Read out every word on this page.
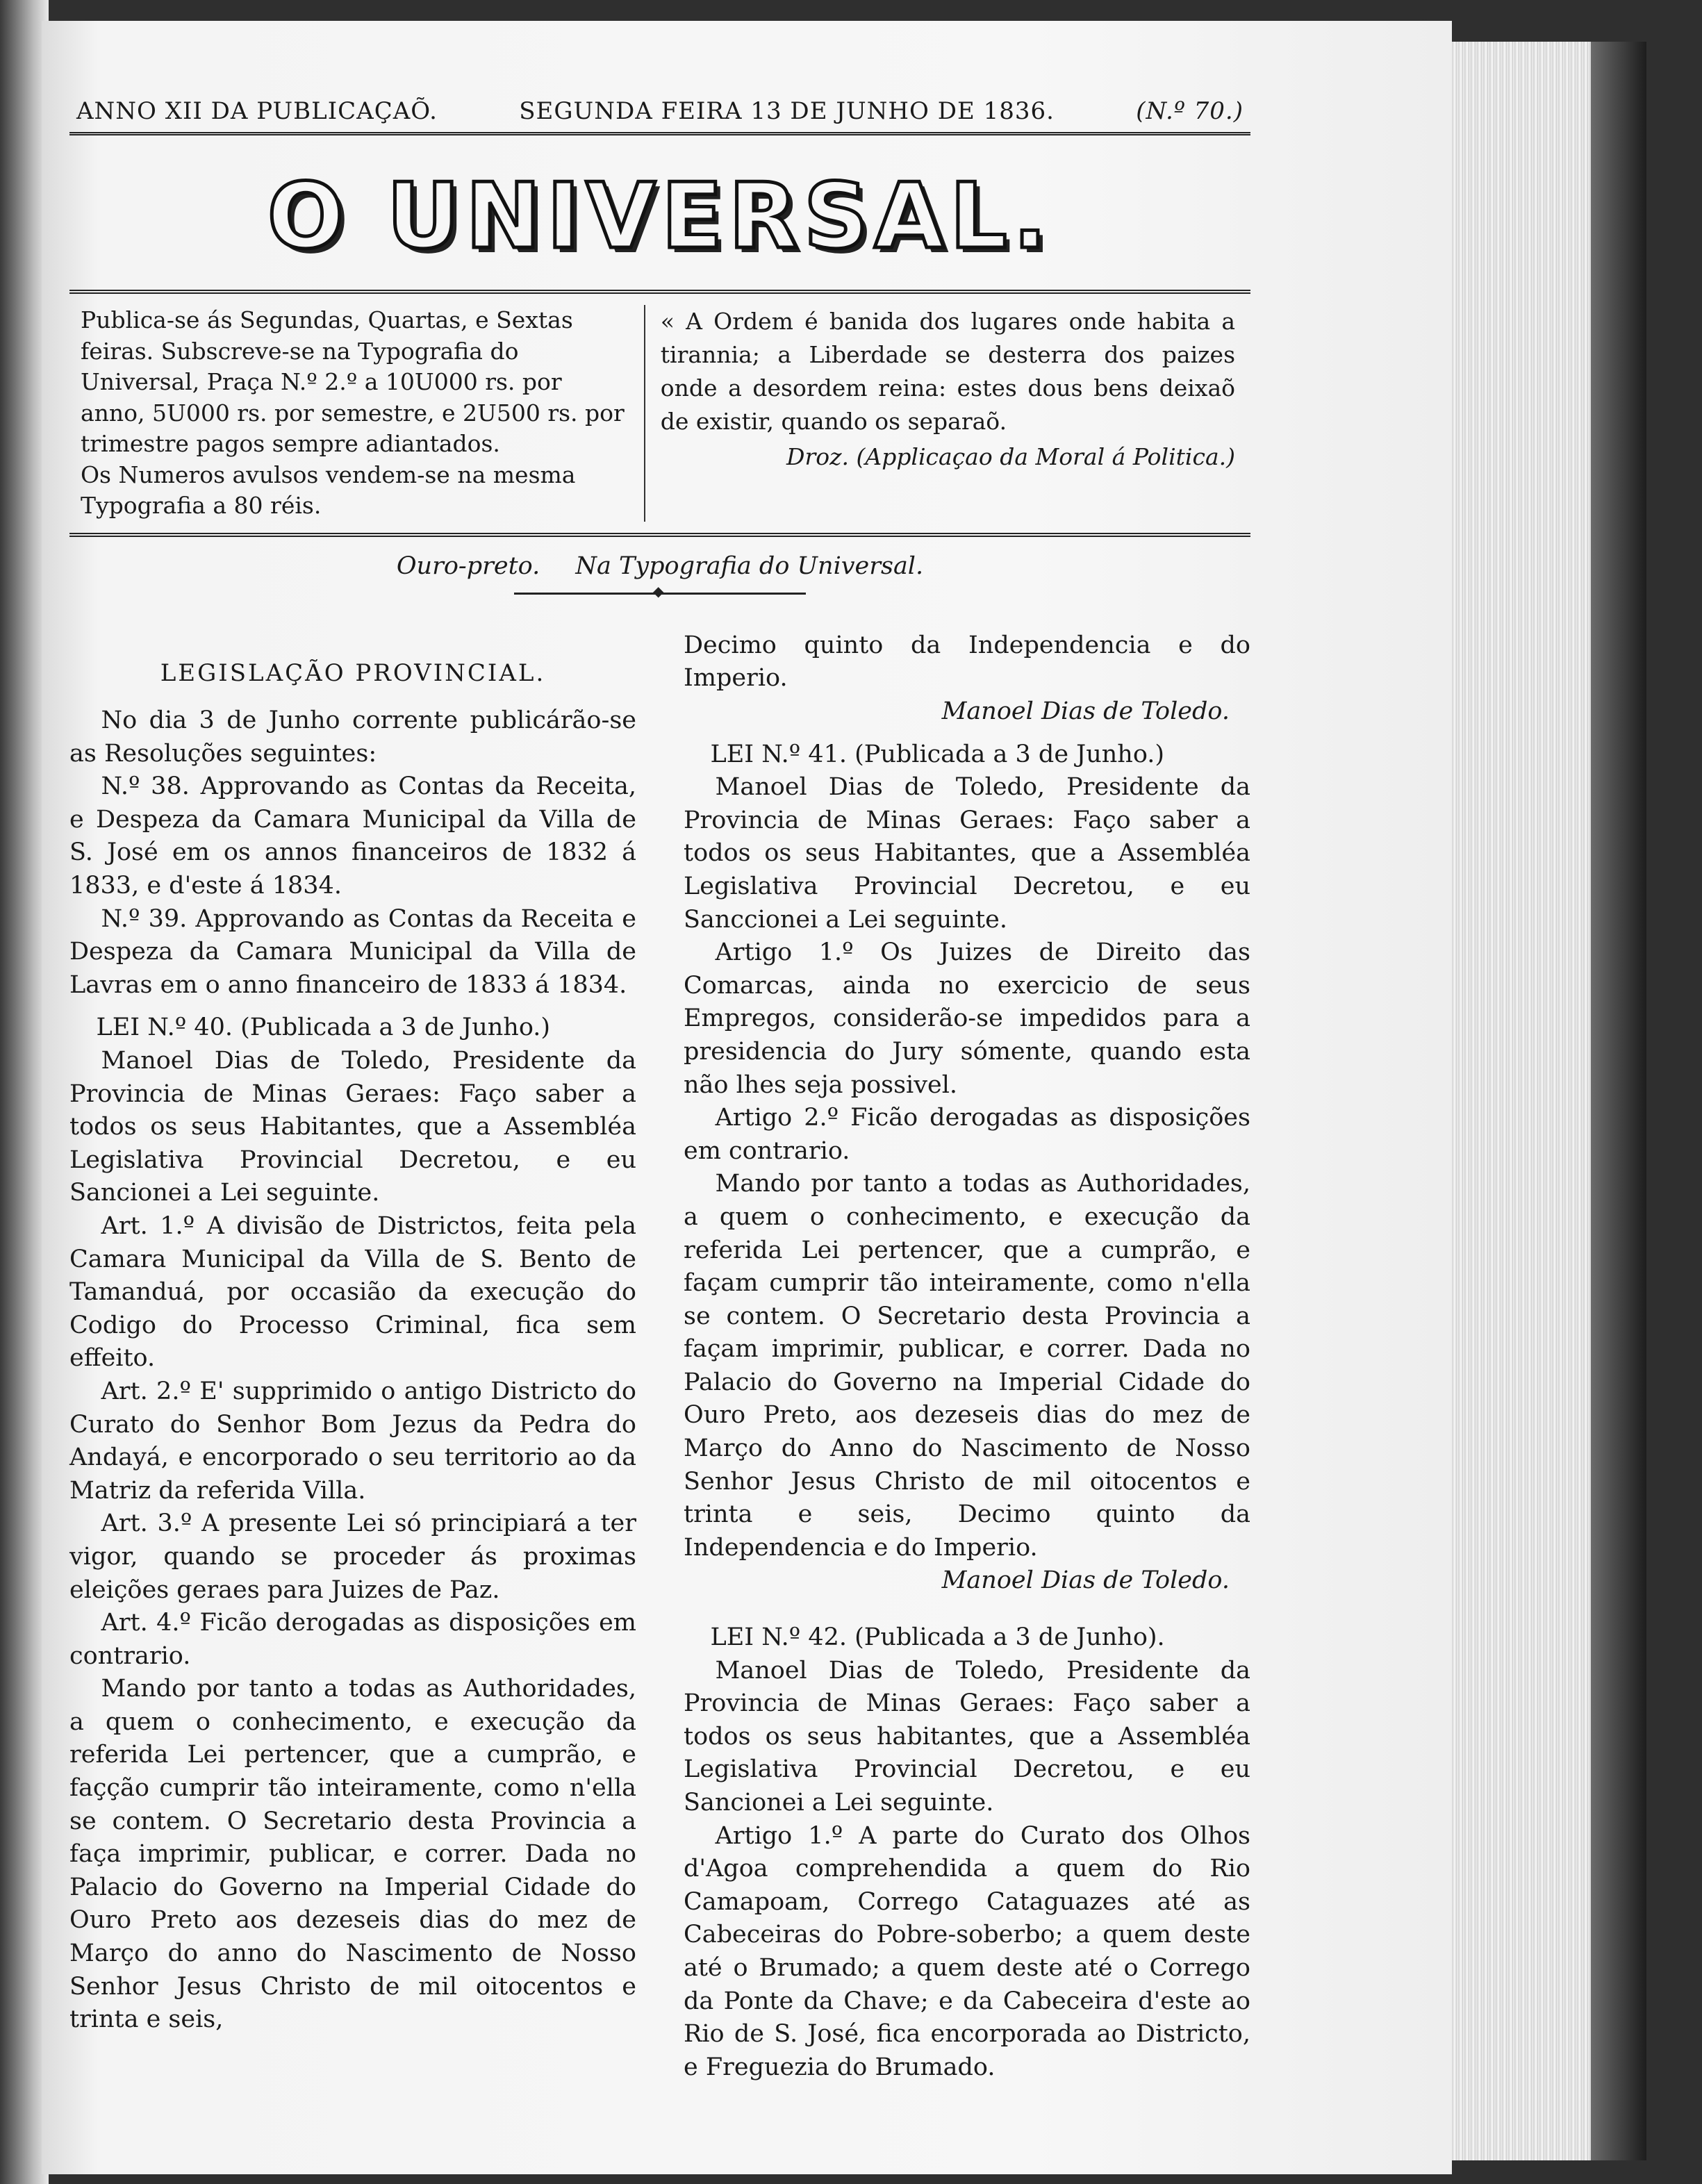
ANNO XII DA PUBLICAÇAÕ.	SEGUNDA FEIRA 13 DE JUNHO DE 1836.	(N.º 70.)
O UNIVERSAL.

Publica-se ás Segundas, Quartas, e Sextas feiras. Subscreve-se na Typografia do Universal, Praça N.º 2.º a 10U000 rs. por anno, 5U000 rs. por semestre, e 2U500 rs. por trimestre pagos sempre adiantados.

Os Numeros avulsos vendem-se na mesma Typografia a 80 réis.

« A Ordem é banida dos lugares onde habita a tirannia; a Liberdade se desterra dos paizes onde a desordem reina: estes dous bens deixaõ de existir, quando os separaõ.

Droz. (Applicaçao da Moral á Politica.)

Ouro-preto. Na Typografia do Universal.
◆
LEGISLAÇÃO PROVINCIAL.

No dia 3 de Junho corrente publicárão-se as Resoluções seguintes:

N.º 38. Approvando as Contas da Receita, e Despeza da Camara Municipal da Villa de S. José em os annos financeiros de 1832 á 1833, e d'este á 1834.

N.º 39. Approvando as Contas da Receita e Despeza da Camara Municipal da Villa de Lavras em o anno financeiro de 1833 á 1834.

LEI N.º 40. (Publicada a 3 de Junho.)

Manoel Dias de Toledo, Presidente da Provincia de Minas Geraes: Faço saber a todos os seus Habitantes, que a Assembléa Legislativa Provincial Decretou, e eu Sancionei a Lei seguinte.

Art. 1.º A divisão de Districtos, feita pela Camara Municipal da Villa de S. Bento de Tamanduá, por occasião da execução do Codigo do Processo Criminal, fica sem effeito.

Art. 2.º E' supprimido o antigo Districto do Curato do Senhor Bom Jezus da Pedra do Andayá, e encorporado o seu territorio ao da Matriz da referida Villa.

Art. 3.º A presente Lei só principiará a ter vigor, quando se proceder ás proximas eleições geraes para Juizes de Paz.

Art. 4.º Ficão derogadas as disposições em contrario.

Mando por tanto a todas as Authoridades, a quem o conhecimento, e execução da referida Lei pertencer, que a cumprão, e façção cumprir tão inteiramente, como n'ella se contem. O Secretario desta Provincia a faça imprimir, publicar, e correr. Dada no Palacio do Governo na Imperial Cidade do Ouro Preto aos dezeseis dias do mez de Março do anno do Nascimento de Nosso Senhor Jesus Christo de mil oitocentos e trinta e seis,

Decimo quinto da Independencia e do Imperio.

Manoel Dias de Toledo.

LEI N.º 41. (Publicada a 3 de Junho.)

Manoel Dias de Toledo, Presidente da Provincia de Minas Geraes: Faço saber a todos os seus Habitantes, que a Assembléa Legislativa Provincial Decretou, e eu Sanccionei a Lei seguinte.

Artigo 1.º Os Juizes de Direito das Comarcas, ainda no exercicio de seus Empregos, considerão-se impedidos para a presidencia do Jury sómente, quando esta não lhes seja possivel.

Artigo 2.º Ficão derogadas as disposições em contrario.

Mando por tanto a todas as Authoridades, a quem o conhecimento, e execução da referida Lei pertencer, que a cumprão, e façam cumprir tão inteiramente, como n'ella se contem. O Secretario desta Provincia a façam imprimir, publicar, e correr. Dada no Palacio do Governo na Imperial Cidade do Ouro Preto, aos dezeseis dias do mez de Março do Anno do Nascimento de Nosso Senhor Jesus Christo de mil oitocentos e trinta e seis, Decimo quinto da Independencia e do Imperio.

Manoel Dias de Toledo.

LEI N.º 42. (Publicada a 3 de Junho).

Manoel Dias de Toledo, Presidente da Provincia de Minas Geraes: Faço saber a todos os seus habitantes, que a Assembléa Legislativa Provincial Decretou, e eu Sancionei a Lei seguinte.

Artigo 1.º A parte do Curato dos Olhos d'Agoa comprehendida a quem do Rio Camapoam, Corrego Cataguazes até as Cabeceiras do Pobre-soberbo; a quem deste até o Brumado; a quem deste até o Corrego da Ponte da Chave; e da Cabeceira d'este ao Rio de S. José, fica encorporada ao Districto, e Freguezia do Brumado.
